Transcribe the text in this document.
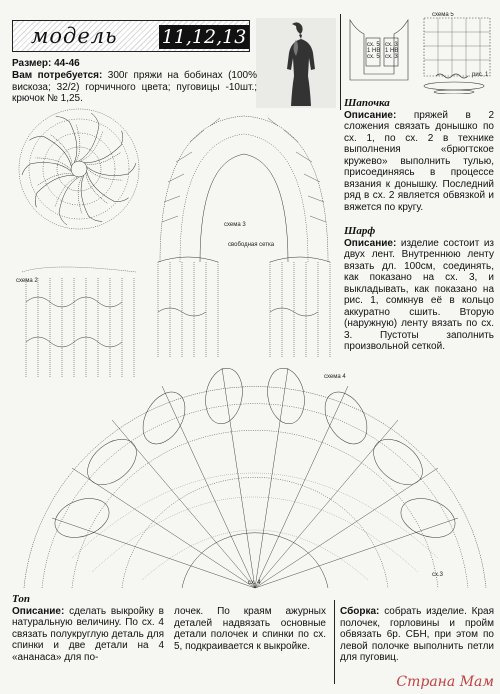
модель 11,12,13
Размер: 44-46
Вам потребуется: 300г пряжи на бобинах (100% вискоза; 32/2) горчичного цвета; пуговицы -10шт.; крючок № 1,25.
схема 5
сх. 5 сх. 3
сх. 5 сх. 3
1 НВ 1 НВ
рис. 1
Шапочка
Описание: пряжей в 2 сложения связать донышко по сх. 1, по сх. 2 в технике выполнения «брюгтское кружево» выполнить тулью, присоединяясь в процессе вязания к донышку. Последний ряд в сх. 2 является обвязкой и вяжется по кругу.
Шарф
Описание: изделие состоит из двух лент. Внутреннюю ленту вязать дл. 100см, соединять, как показано на сх. 3, и выкладывать, как показано на рис. 1, сомкнув её в кольцо аккуратно сшить. Вторую (наружную) ленту вязать по сх. 3. Пустоты заполнить произвольной сеткой.
схема 3
свободная сетка
схема 2
схема 4
сх.3
сх. 4
Топ
Описание: сделать выкройку в натуральную величину. По сх. 4 связать полукруглую деталь для спинки и две детали на 4 «ананаса» для по-
лочек. По краям ажурных деталей надвязать основные детали полочек и спинки по сх. 5, подкраивается к выкройке.
Сборка: собрать изделие. Края полочек, горловины и пройм обвязать 6р. СБН, при этом по левой полочке выполнить петли для пуговиц.
Страна Мам
